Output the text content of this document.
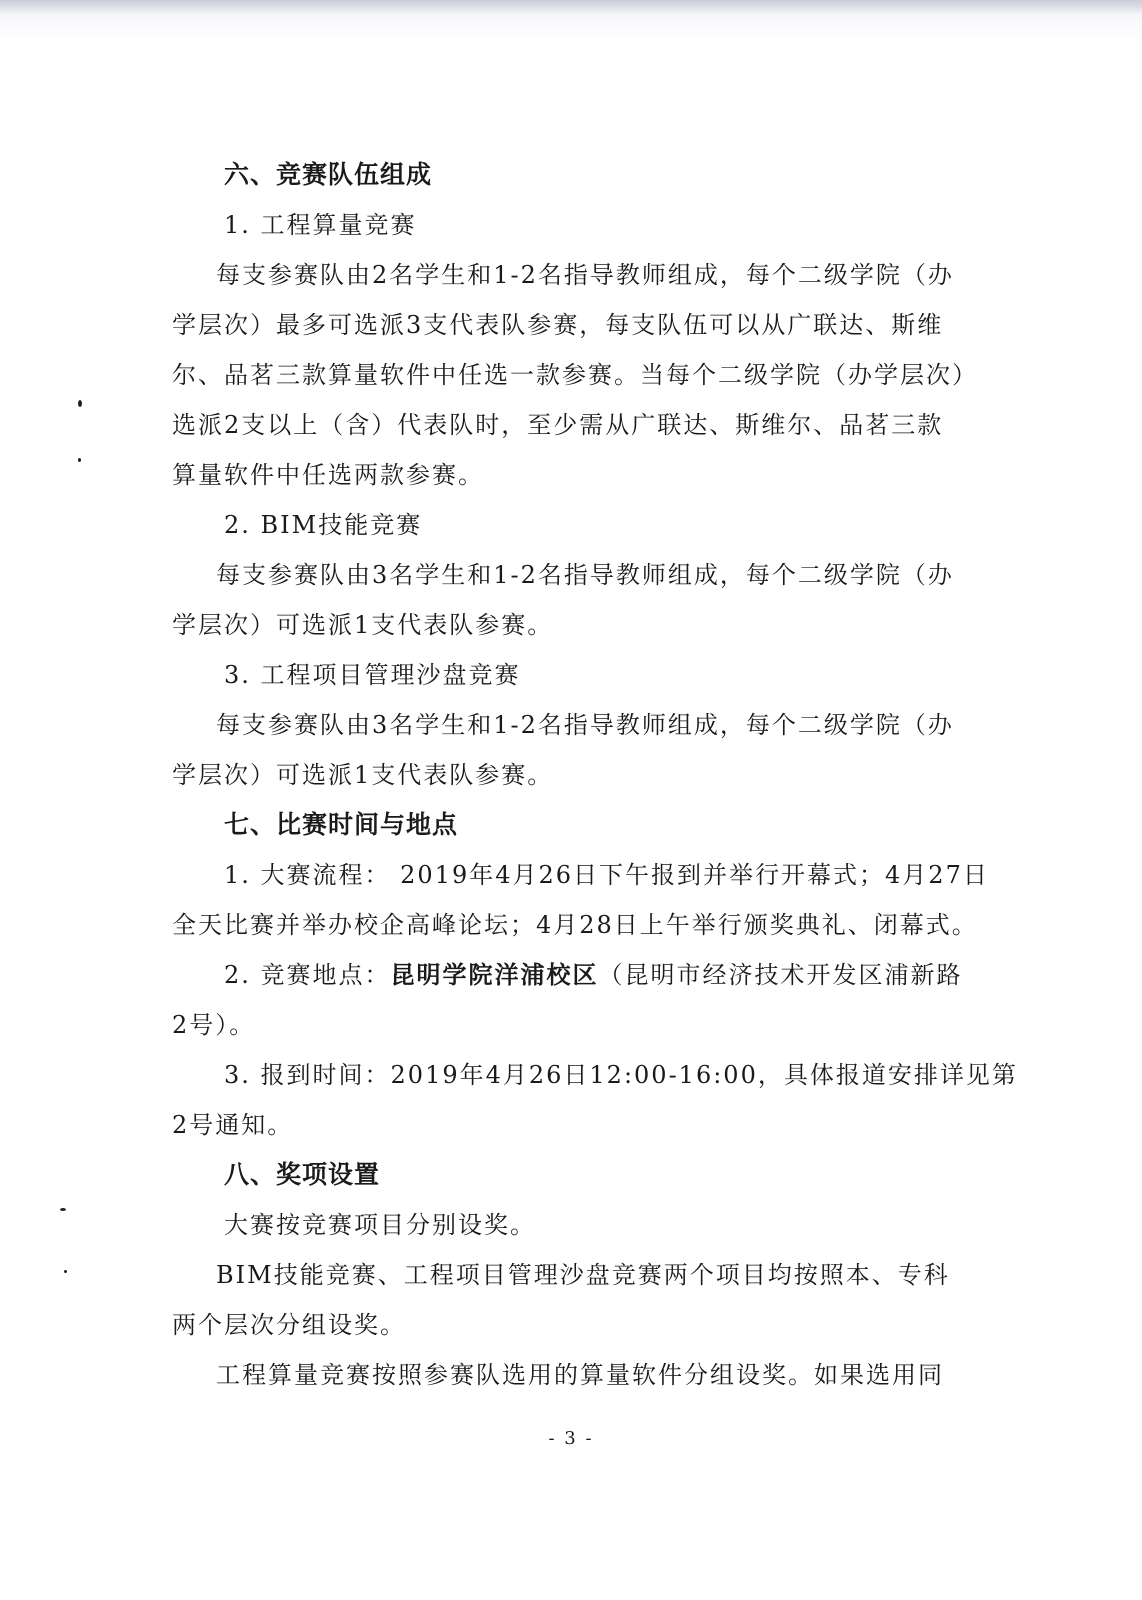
六、竞赛队伍组成
1. 工程算量竞赛
每支参赛队由2名学生和1-2名指导教师组成，每个二级学院（办
学层次）最多可选派3支代表队参赛，每支队伍可以从广联达、斯维
尔、品茗三款算量软件中任选一款参赛。当每个二级学院（办学层次）
选派2支以上（含）代表队时，至少需从广联达、斯维尔、品茗三款
算量软件中任选两款参赛。
2. BIM技能竞赛
每支参赛队由3名学生和1-2名指导教师组成，每个二级学院（办
学层次）可选派1支代表队参赛。
3. 工程项目管理沙盘竞赛
每支参赛队由3名学生和1-2名指导教师组成，每个二级学院（办
学层次）可选派1支代表队参赛。
七、比赛时间与地点
1. 大赛流程： 2019年4月26日下午报到并举行开幕式；4月27日
全天比赛并举办校企高峰论坛；4月28日上午举行颁奖典礼、闭幕式。
2. 竞赛地点：昆明学院洋浦校区（昆明市经济技术开发区浦新路
2号）。
3. 报到时间：2019年4月26日12:00-16:00，具体报道安排详见第
2号通知。
八、奖项设置
大赛按竞赛项目分别设奖。
BIM技能竞赛、工程项目管理沙盘竞赛两个项目均按照本、专科
两个层次分组设奖。
工程算量竞赛按照参赛队选用的算量软件分组设奖。如果选用同
- 3 -
